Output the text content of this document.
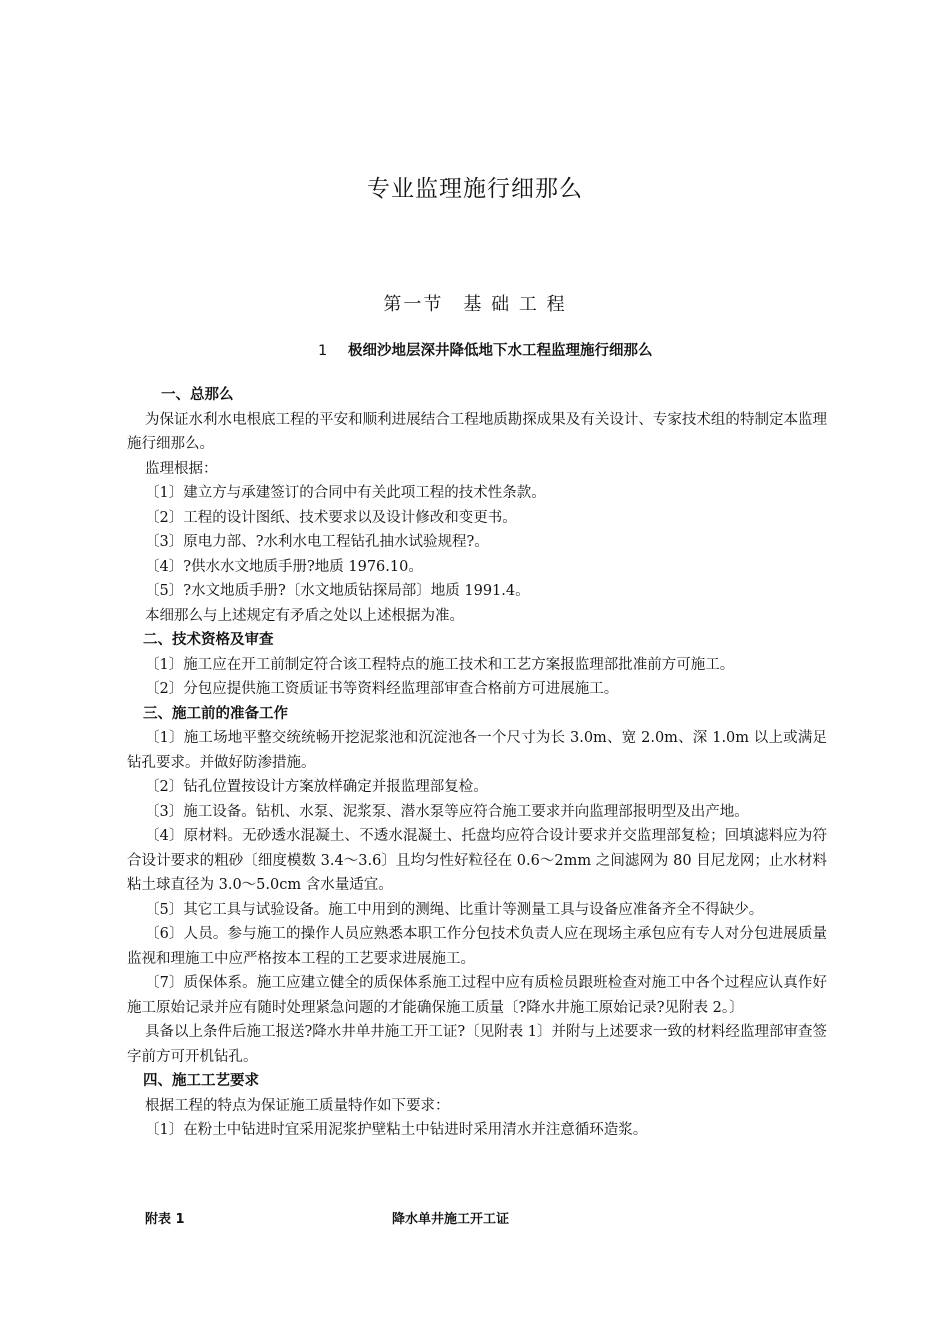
专业监理施行细那么
第一节　基 础 工 程
1 极细沙地层深井降低地下水工程监理施行细那么

一、总那么

为保证水利水电根底工程的平安和顺利进展结合工程地质勘探成果及有关设计、专家技术组的特制定本监理施行细那么。

监理根据：

〔1〕建立方与承建签订的合同中有关此项工程的技术性条款。

〔2〕工程的设计图纸、技术要求以及设计修改和变更书。

〔3〕原电力部、?水利水电工程钻孔抽水试验规程?。

〔4〕?供水水文地质手册?地质 1976.10。

〔5〕?水文地质手册?〔水文地质钻探局部〕地质 1991.4。

本细那么与上述规定有矛盾之处以上述根据为准。

二、技术资格及审查

〔1〕施工应在开工前制定符合该工程特点的施工技术和工艺方案报监理部批准前方可施工。

〔2〕分包应提供施工资质证书等资料经监理部审查合格前方可进展施工。

三、施工前的准备工作

〔1〕施工场地平整交统统畅开挖泥浆池和沉淀池各一个尺寸为长 3.0m、宽 2.0m、深 1.0m 以上或满足钻孔要求。并做好防渗措施。

〔2〕钻孔位置按设计方案放样确定并报监理部复检。

〔3〕施工设备。钻机、水泵、泥浆泵、潜水泵等应符合施工要求并向监理部报明型及出产地。

〔4〕原材料。无砂透水混凝土、不透水混凝土、托盘均应符合设计要求并交监理部复检；回填滤料应为符合设计要求的粗砂〔细度模数 3.4～3.6〕且均匀性好粒径在 0.6～2mm 之间滤网为 80 目尼龙网；止水材料粘土球直径为 3.0～5.0cm 含水量适宜。

〔5〕其它工具与试验设备。施工中用到的测绳、比重计等测量工具与设备应准备齐全不得缺少。

〔6〕人员。参与施工的操作人员应熟悉本职工作分包技术负责人应在现场主承包应有专人对分包进展质量监视和理施工中应严格按本工程的工艺要求进展施工。

〔7〕质保体系。施工应建立健全的质保体系施工过程中应有质检员跟班检查对施工中各个过程应认真作好施工原始记录并应有随时处理紧急问题的才能确保施工质量〔?降水井施工原始记录?见附表 2。〕

具备以上条件后施工报送?降水井单井施工开工证?〔见附表 1〕并附与上述要求一致的材料经监理部审查签字前方可开机钻孔。

四、施工工艺要求

根据工程的特点为保证施工质量特作如下要求：

〔1〕在粉土中钻进时宜采用泥浆护壁粘土中钻进时采用清水并注意循环造浆。

附表 1	降水单井施工开工证
